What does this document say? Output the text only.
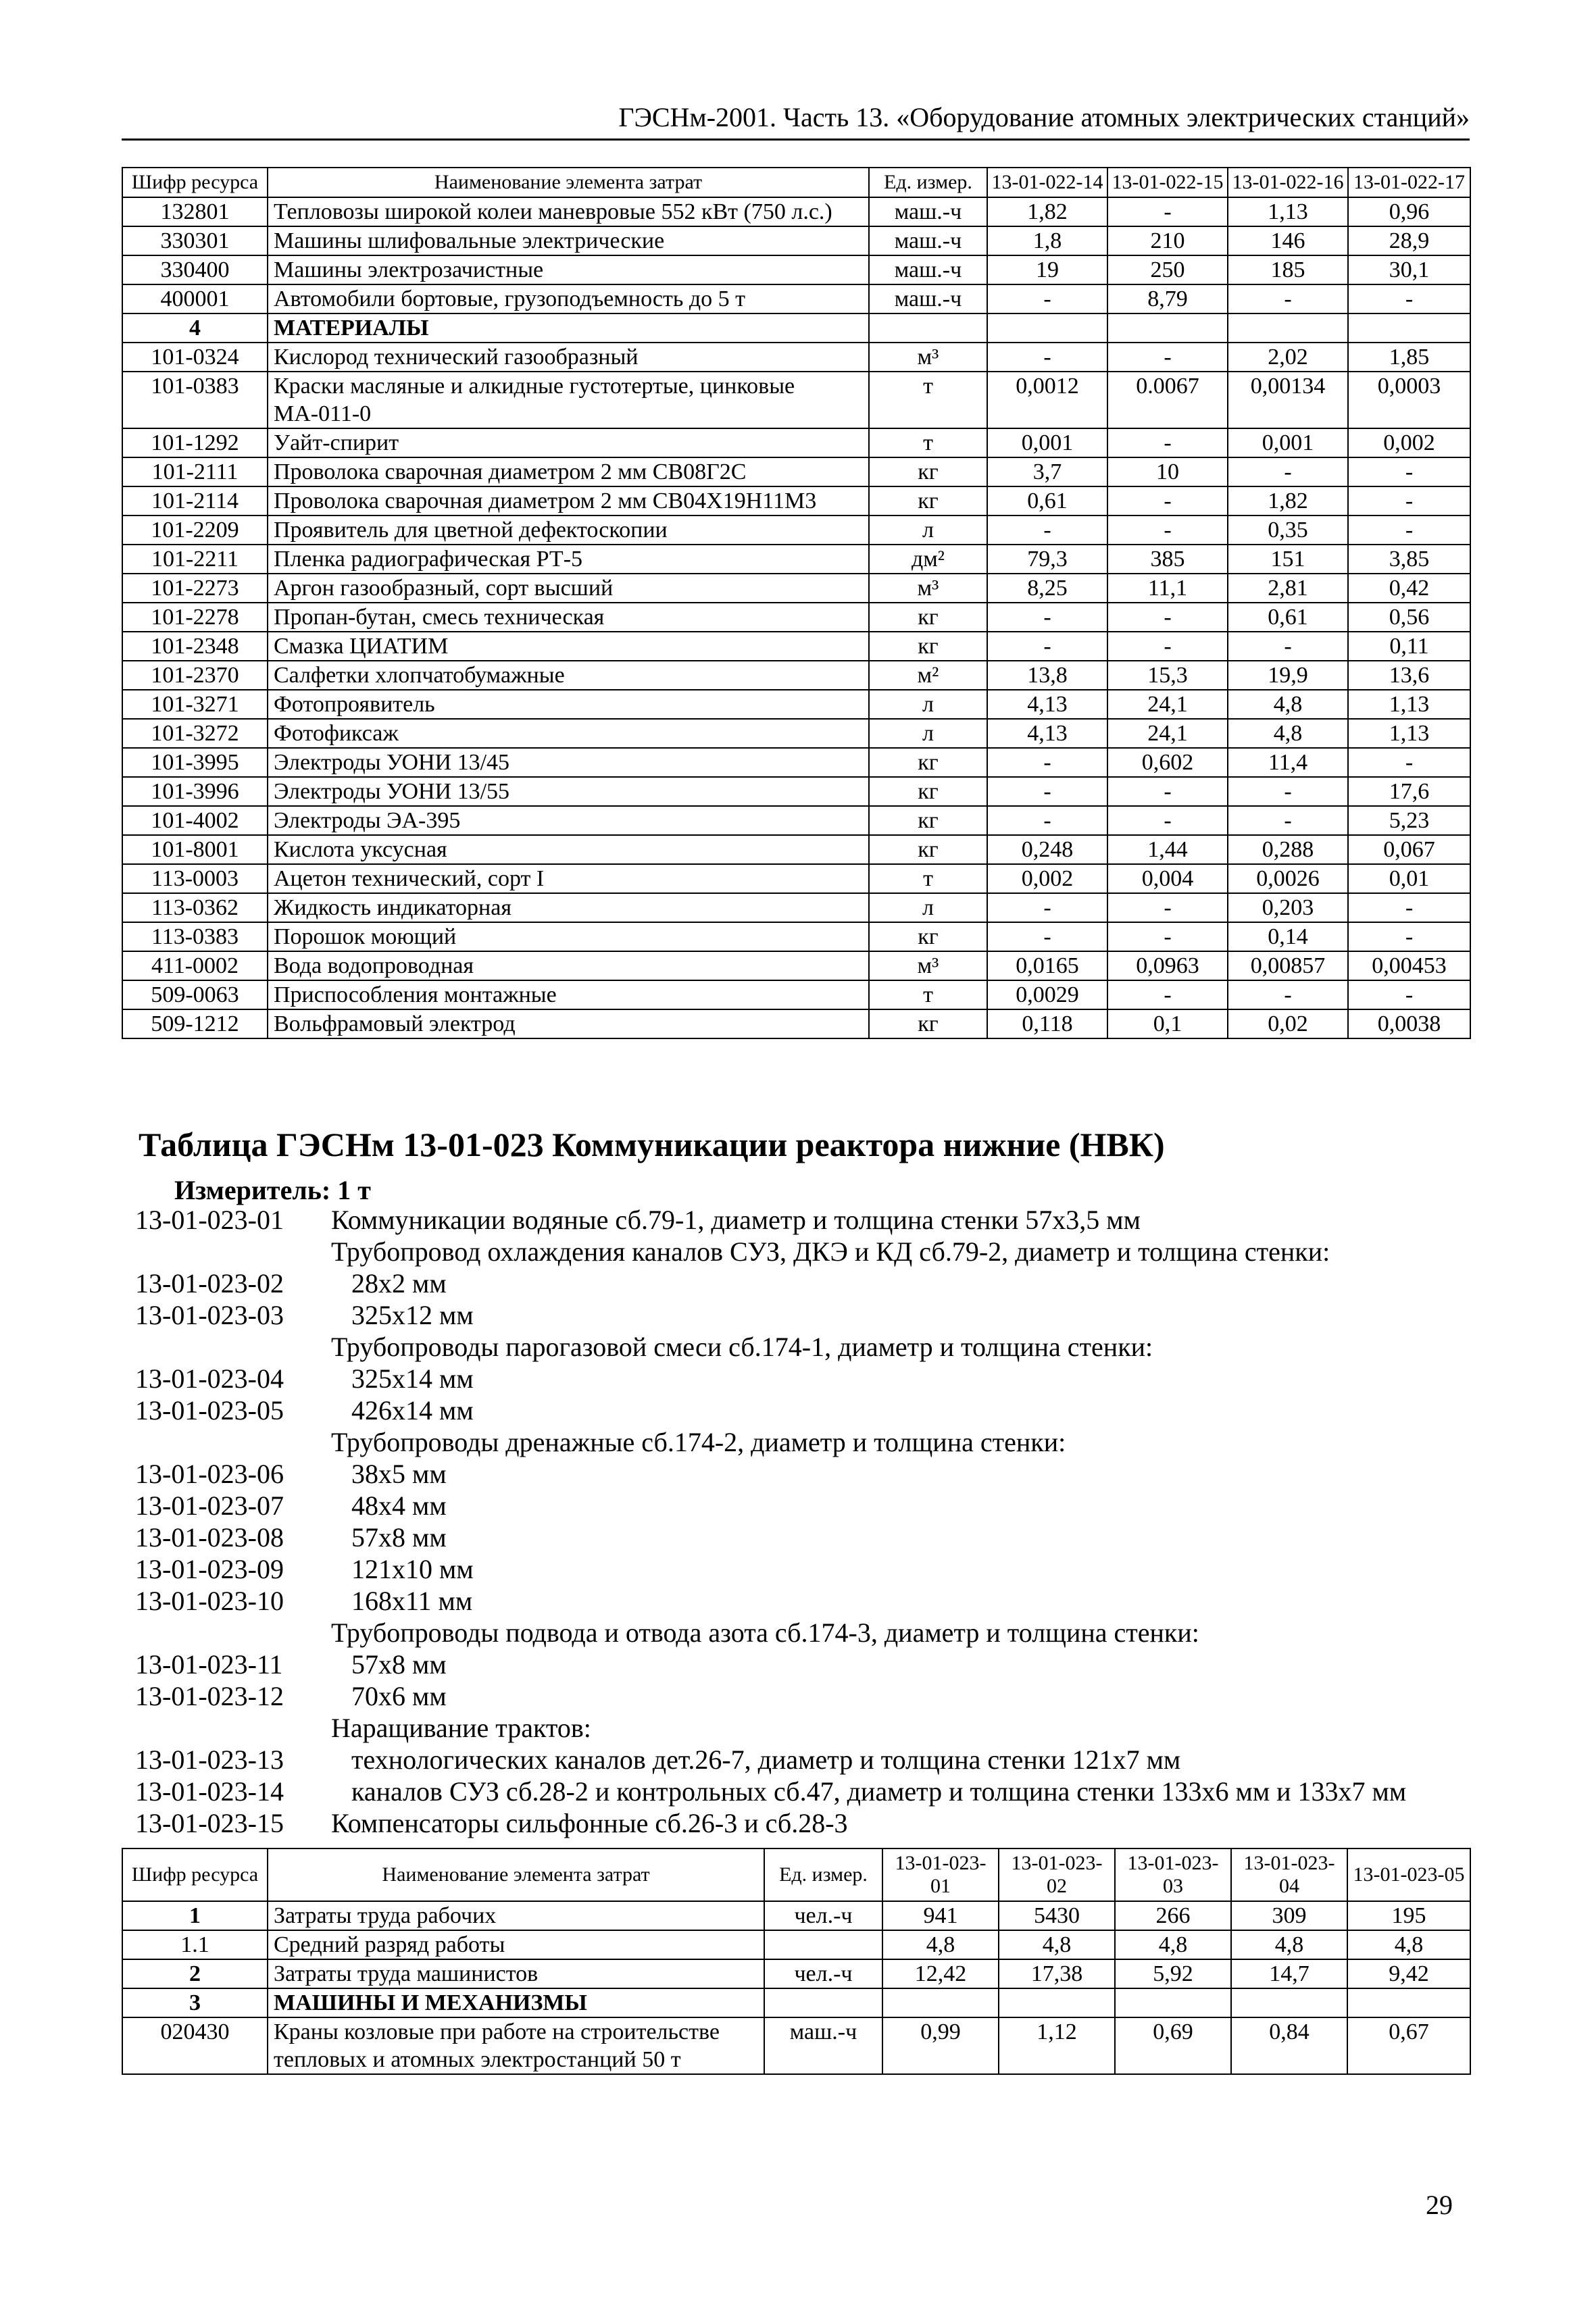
ГЭСНм-2001. Часть 13. «Оборудование атомных электрических станций»
Шифр ресурса	Наименование элемента затрат	Ед. измер.	13-01-022-14	13-01-022-15	13-01-022-16	13-01-022-17
132801	Тепловозы широкой колеи маневровые 552 кВт (750 л.с.)	маш.-ч	1,82	-	1,13	0,96
330301	Машины шлифовальные электрические	маш.-ч	1,8	210	146	28,9
330400	Машины электрозачистные	маш.-ч	19	250	185	30,1
400001	Автомобили бортовые, грузоподъемность до 5 т	маш.-ч	-	8,79	-	-
4	МАТЕРИАЛЫ					
101-0324	Кислород технический газообразный	м³	-	-	2,02	1,85
101-0383	Краски масляные и алкидные густотертые, цинковые МА-011-0	т	0,0012	0.0067	0,00134	0,0003
101-1292	Уайт-спирит	т	0,001	-	0,001	0,002
101-2111	Проволока сварочная диаметром 2 мм СВ08Г2С	кг	3,7	10	-	-
101-2114	Проволока сварочная диаметром 2 мм СВ04Х19Н11М3	кг	0,61	-	1,82	-
101-2209	Проявитель для цветной дефектоскопии	л	-	-	0,35	-
101-2211	Пленка радиографическая РТ-5	дм²	79,3	385	151	3,85
101-2273	Аргон газообразный, сорт высший	м³	8,25	11,1	2,81	0,42
101-2278	Пропан-бутан, смесь техническая	кг	-	-	0,61	0,56
101-2348	Смазка ЦИАТИМ	кг	-	-	-	0,11
101-2370	Салфетки хлопчатобумажные	м²	13,8	15,3	19,9	13,6
101-3271	Фотопроявитель	л	4,13	24,1	4,8	1,13
101-3272	Фотофиксаж	л	4,13	24,1	4,8	1,13
101-3995	Электроды УОНИ 13/45	кг	-	0,602	11,4	-
101-3996	Электроды УОНИ 13/55	кг	-	-	-	17,6
101-4002	Электроды ЭА-395	кг	-	-	-	5,23
101-8001	Кислота уксусная	кг	0,248	1,44	0,288	0,067
113-0003	Ацетон технический, сорт I	т	0,002	0,004	0,0026	0,01
113-0362	Жидкость индикаторная	л	-	-	0,203	-
113-0383	Порошок моющий	кг	-	-	0,14	-
411-0002	Вода водопроводная	м³	0,0165	0,0963	0,00857	0,00453
509-0063	Приспособления монтажные	т	0,0029	-	-	-
509-1212	Вольфрамовый электрод	кг	0,118	0,1	0,02	0,0038
Таблица ГЭСНм 13-01-023 Коммуникации реактора нижние (НВК)
Измеритель: 1 т
13-01-023-01 Коммуникации водяные сб.79-1, диаметр и толщина стенки 57х3,5 мм
Трубопровод охлаждения каналов СУЗ, ДКЭ и КД сб.79-2, диаметр и толщина стенки:
13-01-023-02	28х2 мм
13-01-023-03	325х12 мм
Трубопроводы парогазовой смеси сб.174-1, диаметр и толщина стенки:
13-01-023-04	325х14 мм
13-01-023-05	426х14 мм
Трубопроводы дренажные сб.174-2, диаметр и толщина стенки:
13-01-023-06	38х5 мм
13-01-023-07	48х4 мм
13-01-023-08	57х8 мм
13-01-023-09	121х10 мм
13-01-023-10	168х11 мм
Трубопроводы подвода и отвода азота сб.174-3, диаметр и толщина стенки:
13-01-023-11	57х8 мм
13-01-023-12	70х6 мм
Наращивание трактов:
13-01-023-13	технологических каналов дет.26-7, диаметр и толщина стенки 121х7 мм
13-01-023-14	каналов СУЗ сб.28-2 и контрольных сб.47, диаметр и толщина стенки 133х6 мм и 133х7 мм
13-01-023-15 Компенсаторы сильфонные сб.26-3 и сб.28-3
Шифр ресурса	Наименование элемента затрат	Ед. измер.	13-01-023-01	13-01-023-02	13-01-023-03	13-01-023-04	13-01-023-05
1	Затраты труда рабочих	чел.-ч	941	5430	266	309	195
1.1	Средний разряд работы		4,8	4,8	4,8	4,8	4,8
2	Затраты труда машинистов	чел.-ч	12,42	17,38	5,92	14,7	9,42
3	МАШИНЫ И МЕХАНИЗМЫ						
020430	Краны козловые при работе на строительстве тепловых и атомных электростанций 50 т	маш.-ч	0,99	1,12	0,69	0,84	0,67
29
